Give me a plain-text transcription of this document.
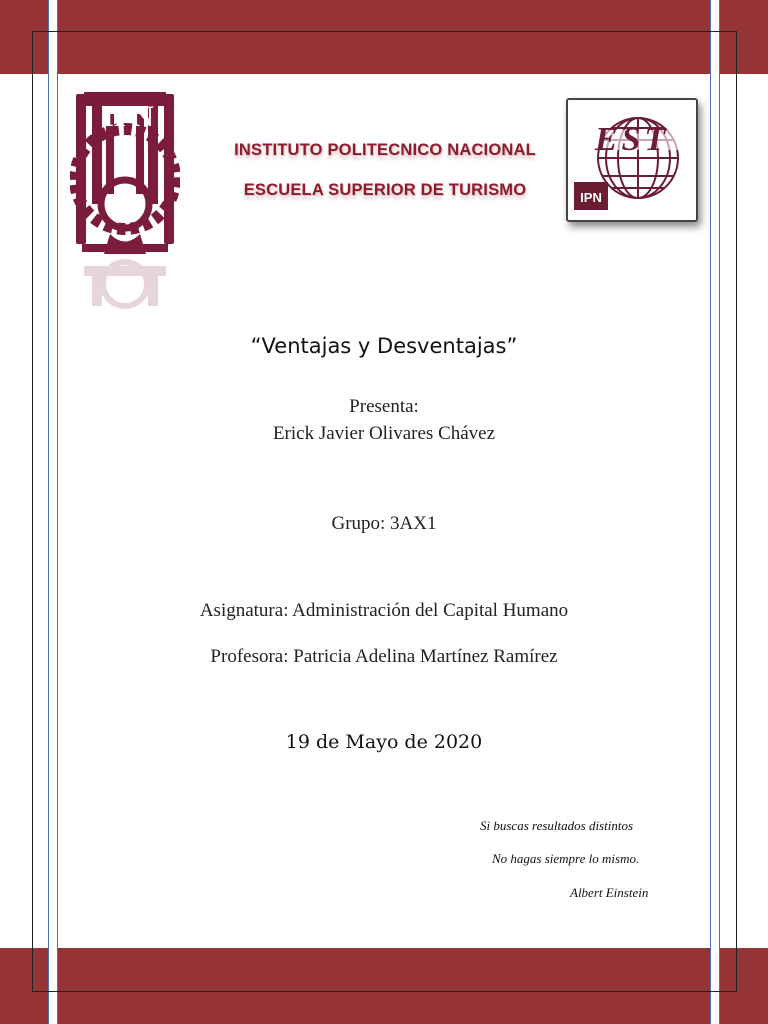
IPN
INSTITUTO POLITECNICO NACIONAL
ESCUELA SUPERIOR DE TURISMO
EST
IPN
“Ventajas y Desventajas”
Presenta:
Erick Javier Olivares Chávez
Grupo: 3AX1
Asignatura: Administración del Capital Humano
Profesora: Patricia Adelina Martínez Ramírez
19 de Mayo de 2020
Si buscas resultados distintos
No hagas siempre lo mismo.
Albert Einstein
